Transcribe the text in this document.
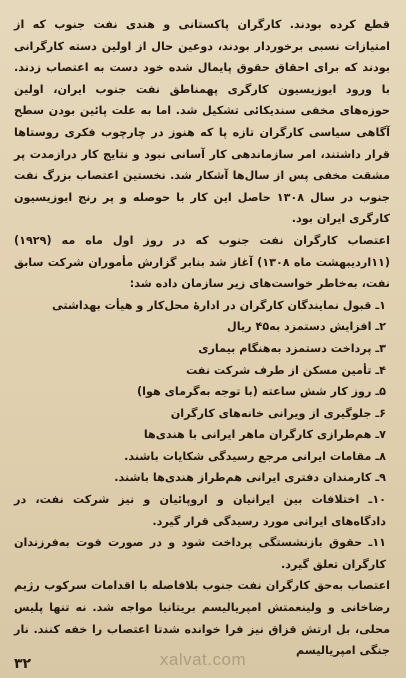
قطع کرده بودند. کارگران پاکستانی و هندی نفت جنوب که از امتیازات نسبی برخوردار بودند، دوعین حال از اولین دسته کارگرانی بودند که برای احقاق حقوق پایمال شده خود دست به اعتصاب زدند. با ورود ایوزیسیون کارگری پهمناطق نفت جنوب ایران، اولین حوزه‌های مخفی سندیکائی تشکیل شد. اما به علت پائین بودن سطح آگاهی سیاسی کارگران تازه پا که هنوز در چارچوب فکری روستاها قرار داشتند، امر سازماندهی کار آسانی نبود و نتایج کار درازمدت پر مشقت مخفی پس از سال‌ها آشکار شد. نخستین اعتصاب بزرگ نفت جنوب در سال ۱۳۰۸ حاصل این کار با حوصله و پر رنج ایوزیسیون کارگری ایران بود.

اعتصاب کارگران نفت جنوب که در روز اول ماه مه (۱۹۲۹) (۱۱اردیبهشت ماه ۱۳۰۸) آغاز شد بنابر گزارش مأموران شرکت سابق نفت، به‌خاطر خواست‌های زیر سازمان داده شد:

۱ـ قبول نمایندگان کارگران در ادارهٔ محل‌کار و هیأت بهداشتی
۲ـ افزایش دستمزد به۴۵ ریال
۳ـ پرداخت دستمزد به‌هنگام بیماری
۴ـ تأمین مسکن از طرف شرکت نفت
۵ـ روز کار شش ساعته (با توجه به‌گرمای هوا)
۶ـ جلوگیری از ویرانی خانه‌های کارگران
۷ـ هم‌طرازی کارگران ماهر ایرانی با هندی‌ها
۸ـ مقامات ایرانی مرجع رسیدگی شکایات باشند.
۹ـ کارمندان دفتری ایرانی هم‌طراز هندی‌ها باشند.
۱۰ـ اختلافات بین ایرانیان و اروپائیان و نیز شرکت نفت، در دادگاه‌های ایرانی مورد رسیدگی قرار گیرد.
۱۱ـ حقوق بازنشستگی پرداخت شود و در صورت فوت به‌فرزندان کارگران تعلق گیرد.

اعتصاب به‌حق کارگران نفت جنوب بلافاصله با اقدامات سرکوب رژیم رضاخانی و ولینعمتش امپریالیسم بریتانیا مواجه شد. نه تنها پلیس محلی، بل ارتش قزاق نیز فرا خوانده شدتا اعتصاب را خفه کنند. نار جنگی امپریالیسم

xalvat.com
۳۲
